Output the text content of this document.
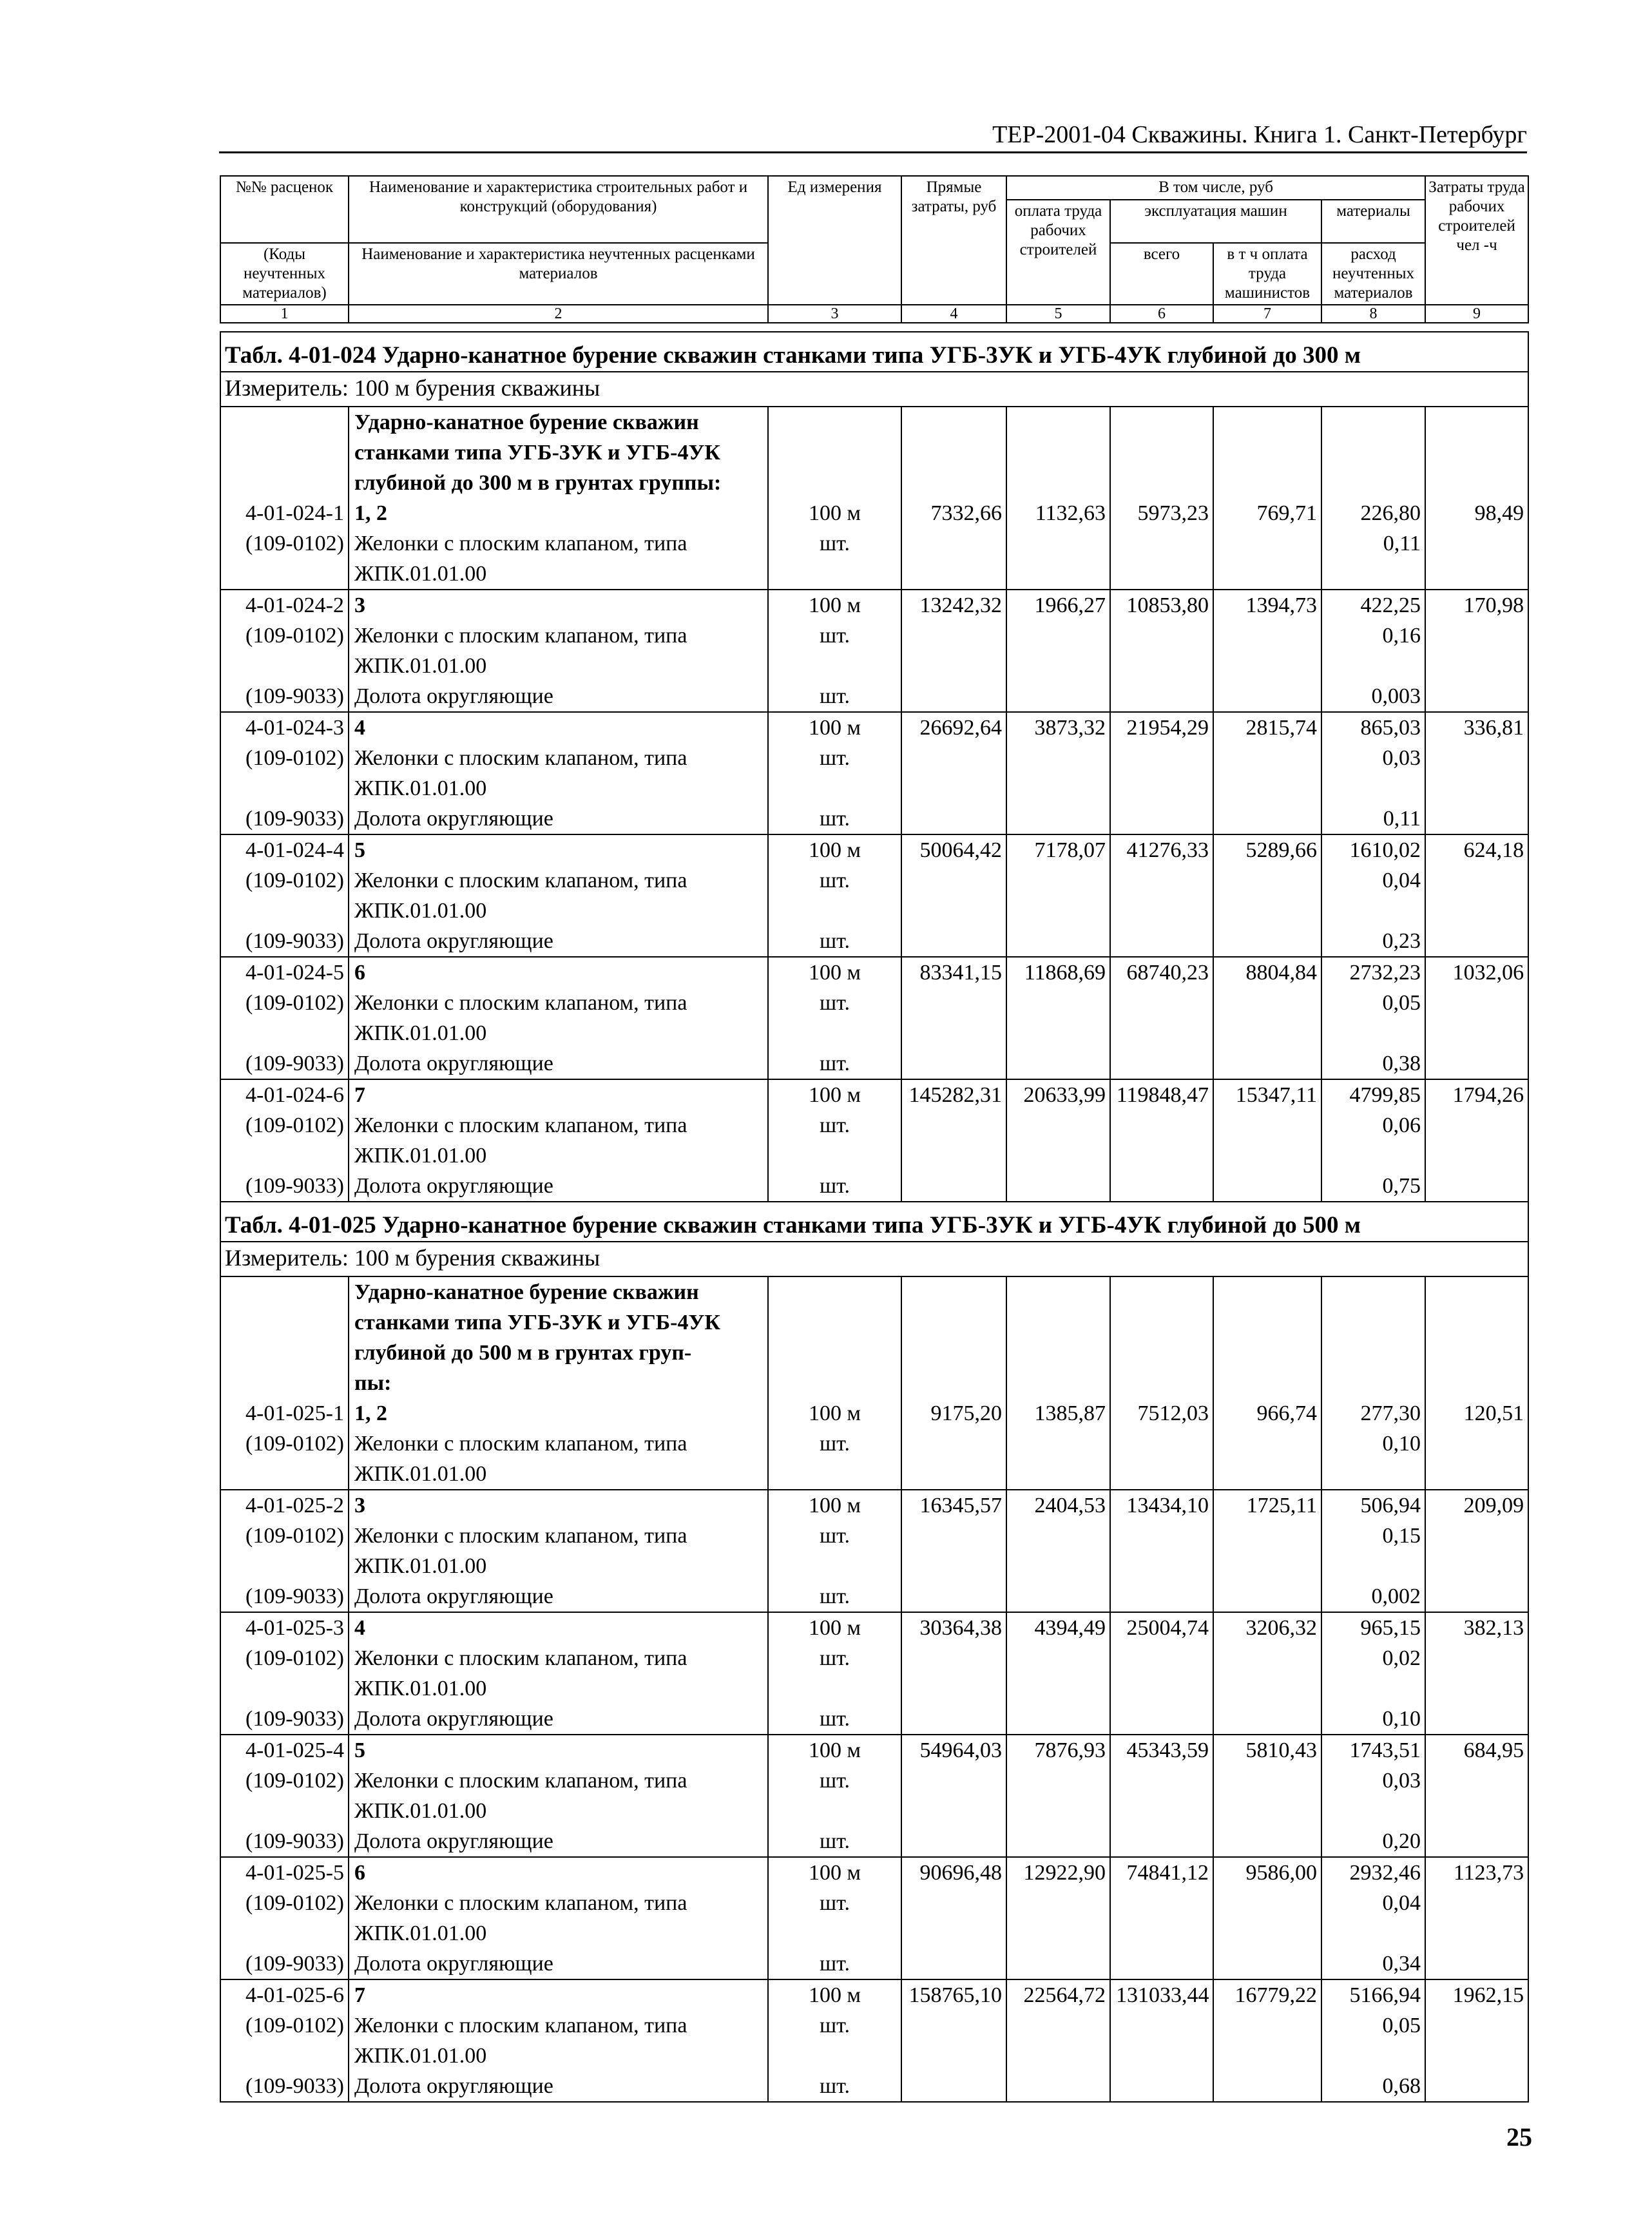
ТЕР-2001-04 Скважины. Книга 1. Санкт-Петербург
№№ расценок	Наименование и характеристика строительных работ и конструкций (оборудования)	Ед измерения	Прямые затраты, руб	В том числе, руб				Затраты труда рабочих строителей чел -ч
				оплата труда рабочих строителей	эксплуатация машин		материалы	

(Коды неучтенных материалов)	Наименование и характеристика неучтенных расценками материалов				всего	в т ч оплата труда машинистов	расход неучтенных материалов	

1	2	3	4	5	6	7	8	9
Табл. 4-01-024 Ударно-канатное бурение скважин станками типа УГБ-3УК и УГБ-4УК глубиной до 300 м								
Измеритель: 100 м бурения скважины								
	Ударно-канатное бурение скважин							
	станками типа УГБ-3УК и УГБ-4УК							
	глубиной до 300 м в грунтах группы:							
4-01-024-1	1, 2	100 м	7332,66	1132,63	5973,23	769,71	226,80	98,49
(109-0102)	Желонки с плоским клапаном, типа	шт.					0,11	
	ЖПК.01.01.00							
4-01-024-2	3	100 м	13242,32	1966,27	10853,80	1394,73	422,25	170,98
(109-0102)	Желонки с плоским клапаном, типа	шт.					0,16	
	ЖПК.01.01.00							
(109-9033)	Долота округляющие	шт.					0,003	
4-01-024-3	4	100 м	26692,64	3873,32	21954,29	2815,74	865,03	336,81
(109-0102)	Желонки с плоским клапаном, типа	шт.					0,03	
	ЖПК.01.01.00							
(109-9033)	Долота округляющие	шт.					0,11	
4-01-024-4	5	100 м	50064,42	7178,07	41276,33	5289,66	1610,02	624,18
(109-0102)	Желонки с плоским клапаном, типа	шт.					0,04	
	ЖПК.01.01.00							
(109-9033)	Долота округляющие	шт.					0,23	
4-01-024-5	6	100 м	83341,15	11868,69	68740,23	8804,84	2732,23	1032,06
(109-0102)	Желонки с плоским клапаном, типа	шт.					0,05	
	ЖПК.01.01.00							
(109-9033)	Долота округляющие	шт.					0,38	
4-01-024-6	7	100 м	145282,31	20633,99	119848,47	15347,11	4799,85	1794,26
(109-0102)	Желонки с плоским клапаном, типа	шт.					0,06	
	ЖПК.01.01.00							
(109-9033)	Долота округляющие	шт.					0,75	
Табл. 4-01-025 Ударно-канатное бурение скважин станками типа УГБ-3УК и УГБ-4УК глубиной до 500 м								
Измеритель: 100 м бурения скважины								
	Ударно-канатное бурение скважин							
	станками типа УГБ-3УК и УГБ-4УК							
	глубиной до 500 м в грунтах груп-							
	пы:							
4-01-025-1	1, 2	100 м	9175,20	1385,87	7512,03	966,74	277,30	120,51
(109-0102)	Желонки с плоским клапаном, типа	шт.					0,10	
	ЖПК.01.01.00							
4-01-025-2	3	100 м	16345,57	2404,53	13434,10	1725,11	506,94	209,09
(109-0102)	Желонки с плоским клапаном, типа	шт.					0,15	
	ЖПК.01.01.00							
(109-9033)	Долота округляющие	шт.					0,002	
4-01-025-3	4	100 м	30364,38	4394,49	25004,74	3206,32	965,15	382,13
(109-0102)	Желонки с плоским клапаном, типа	шт.					0,02	
	ЖПК.01.01.00							
(109-9033)	Долота округляющие	шт.					0,10	
4-01-025-4	5	100 м	54964,03	7876,93	45343,59	5810,43	1743,51	684,95
(109-0102)	Желонки с плоским клапаном, типа	шт.					0,03	
	ЖПК.01.01.00							
(109-9033)	Долота округляющие	шт.					0,20	
4-01-025-5	6	100 м	90696,48	12922,90	74841,12	9586,00	2932,46	1123,73
(109-0102)	Желонки с плоским клапаном, типа	шт.					0,04	
	ЖПК.01.01.00							
(109-9033)	Долота округляющие	шт.					0,34	
4-01-025-6	7	100 м	158765,10	22564,72	131033,44	16779,22	5166,94	1962,15
(109-0102)	Желонки с плоским клапаном, типа	шт.					0,05	
	ЖПК.01.01.00							
(109-9033)	Долота округляющие	шт.					0,68	
25
